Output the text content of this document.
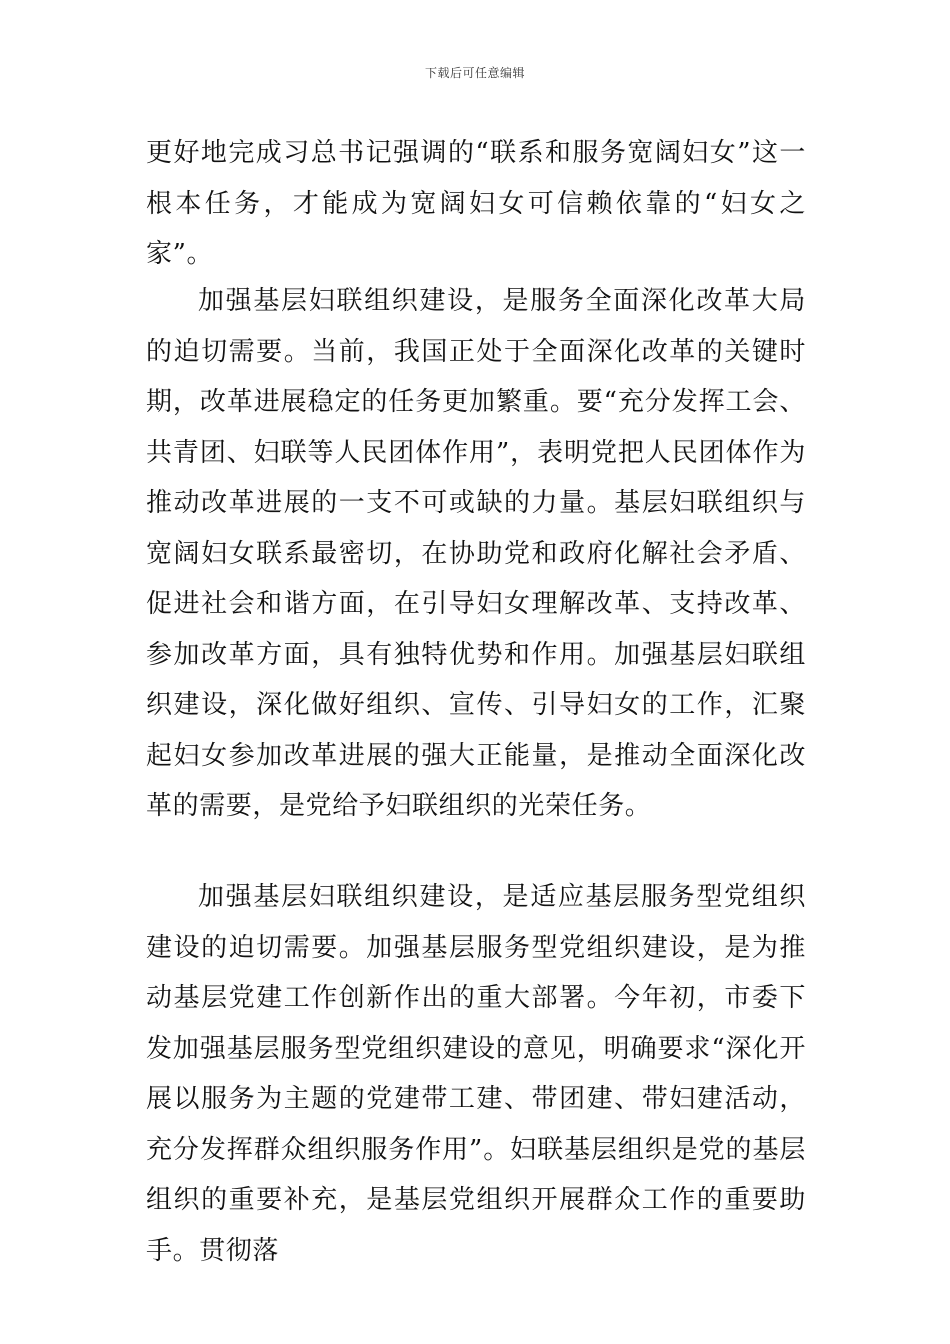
下载后可任意编辑

更好地完成习总书记强调的“联系和服务宽阔妇女”这一根本任务，才能成为宽阔妇女可信赖依靠的“妇女之家”。

加强基层妇联组织建设，是服务全面深化改革大局的迫切需要。当前，我国正处于全面深化改革的关键时期，改革进展稳定的任务更加繁重。要“充分发挥工会、共青团、妇联等人民团体作用”，表明党把人民团体作为推动改革进展的一支不可或缺的力量。基层妇联组织与宽阔妇女联系最密切，在协助党和政府化解社会矛盾、促进社会和谐方面，在引导妇女理解改革、支持改革、参加改革方面，具有独特优势和作用。加强基层妇联组织建设，深化做好组织、宣传、引导妇女的工作，汇聚起妇女参加改革进展的强大正能量，是推动全面深化改革的需要，是党给予妇联组织的光荣任务。

加强基层妇联组织建设，是适应基层服务型党组织建设的迫切需要。加强基层服务型党组织建设，是为推动基层党建工作创新作出的重大部署。今年初，市委下发加强基层服务型党组织建设的意见，明确要求“深化开展以服务为主题的党建带工建、带团建、带妇建活动，充分发挥群众组织服务作用”。妇联基层组织是党的基层组织的重要补充，是基层党组织开展群众工作的重要助手。贯彻落
